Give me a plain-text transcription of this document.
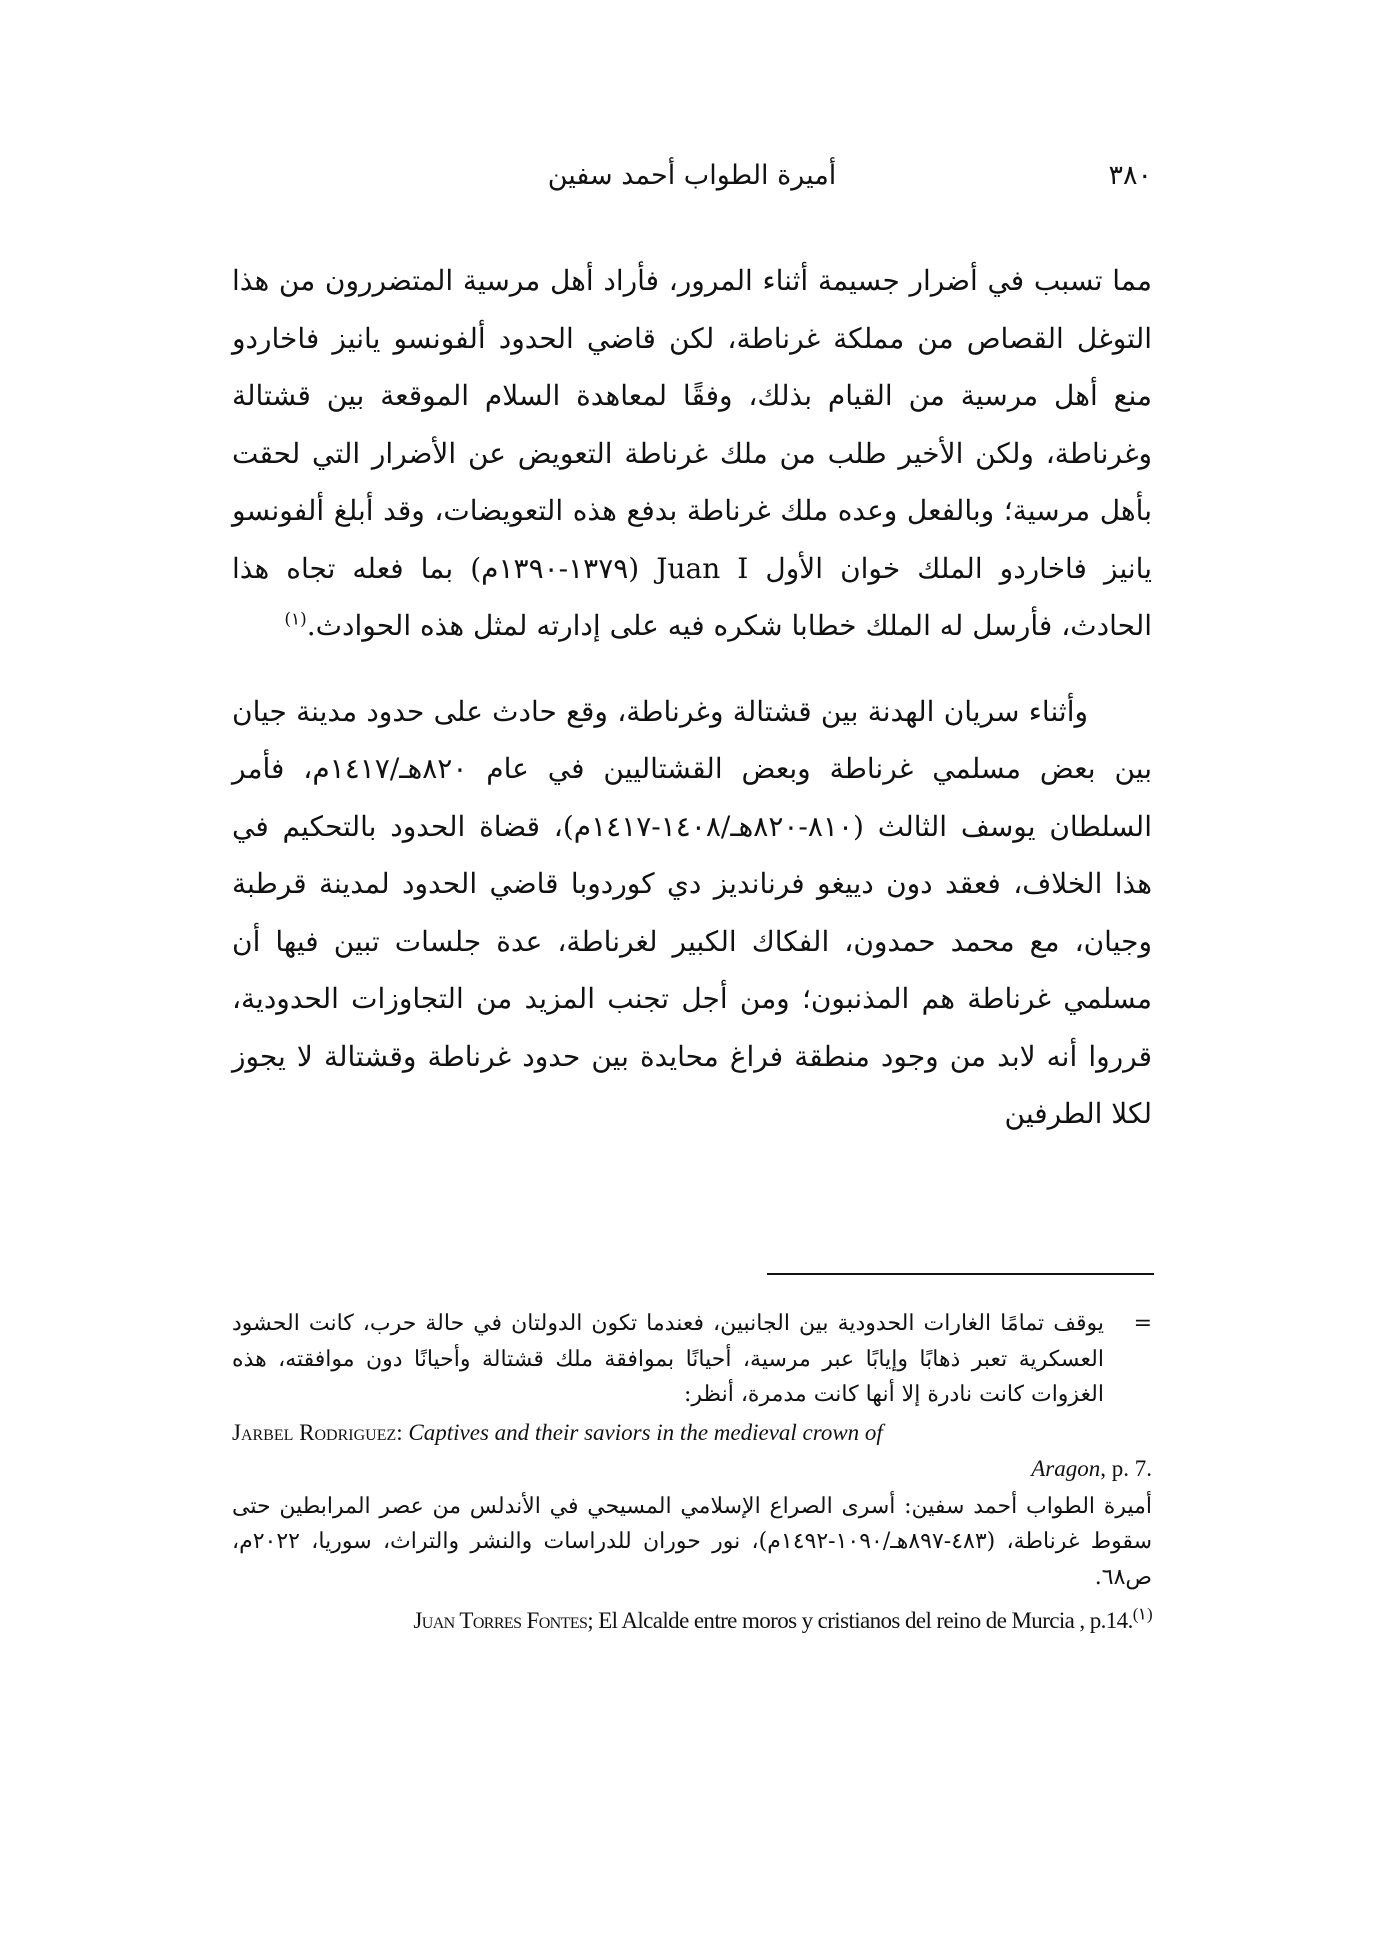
٣٨٠
أميرة الطواب أحمد سفين

مما تسبب في أضرار جسيمة أثناء المرور، فأراد أهل مرسية المتضررون من هذا التوغل القصاص من مملكة غرناطة، لكن قاضي الحدود ألفونسو يانيز فاخاردو منع أهل مرسية من القيام بذلك، وفقًا لمعاهدة السلام الموقعة بين قشتالة وغرناطة، ولكن الأخير طلب من ملك غرناطة التعويض عن الأضرار التي لحقت بأهل مرسية؛ وبالفعل وعده ملك غرناطة بدفع هذه التعويضات، وقد أبلغ ألفونسو يانيز فاخاردو الملك خوان الأول Juan I (١٣٧٩-١٣٩٠م) بما فعله تجاه هذا الحادث، فأرسل له الملك خطابا شكره فيه على إدارته لمثل هذه الحوادث.$^{(١)}$

وأثناء سريان الهدنة بين قشتالة وغرناطة، وقع حادث على حدود مدينة جيان بين بعض مسلمي غرناطة وبعض القشتاليين في عام ٨٢٠هـ/١٤١٧م، فأمر السلطان يوسف الثالث (٨١٠-٨٢٠هـ/١٤٠٨-١٤١٧م)، قضاة الحدود بالتحكيم في هذا الخلاف، فعقد دون دييغو فرنانديز دي كوردوبا قاضي الحدود لمدينة قرطبة وجيان، مع محمد حمدون، الفكاك الكبير لغرناطة، عدة جلسات تبين فيها أن مسلمي غرناطة هم المذنبون؛ ومن أجل تجنب المزيد من التجاوزات الحدودية، قرروا أنه لابد من وجود منطقة فراغ محايدة بين حدود غرناطة وقشتالة لا يجوز لكلا الطرفين

=
يوقف تمامًا الغارات الحدودية بين الجانبين، فعندما تكون الدولتان في حالة حرب، كانت الحشود العسكرية تعبر ذهابًا وإيابًا عبر مرسية، أحيانًا بموافقة ملك قشتالة وأحيانًا دون موافقته، هذه الغزوات كانت نادرة إلا أنها كانت مدمرة، أنظر:
Jarbel Rodriguez: Captives and their saviors in the medieval crown of
Aragon, p. 7.
أميرة الطواب أحمد سفين: أسرى الصراع الإسلامي المسيحي في الأندلس من عصر المرابطين حتى سقوط غرناطة، (٤٨٣-٨٩٧هـ/١٠٩٠-١٤٩٢م)، نور حوران للدراسات والنشر والتراث، سوريا، ٢٠٢٢م، ص٦٨.
Juan Torres Fontes; El Alcalde entre moros y cristianos del reino de Murcia , p.14.$^{(١)}$
